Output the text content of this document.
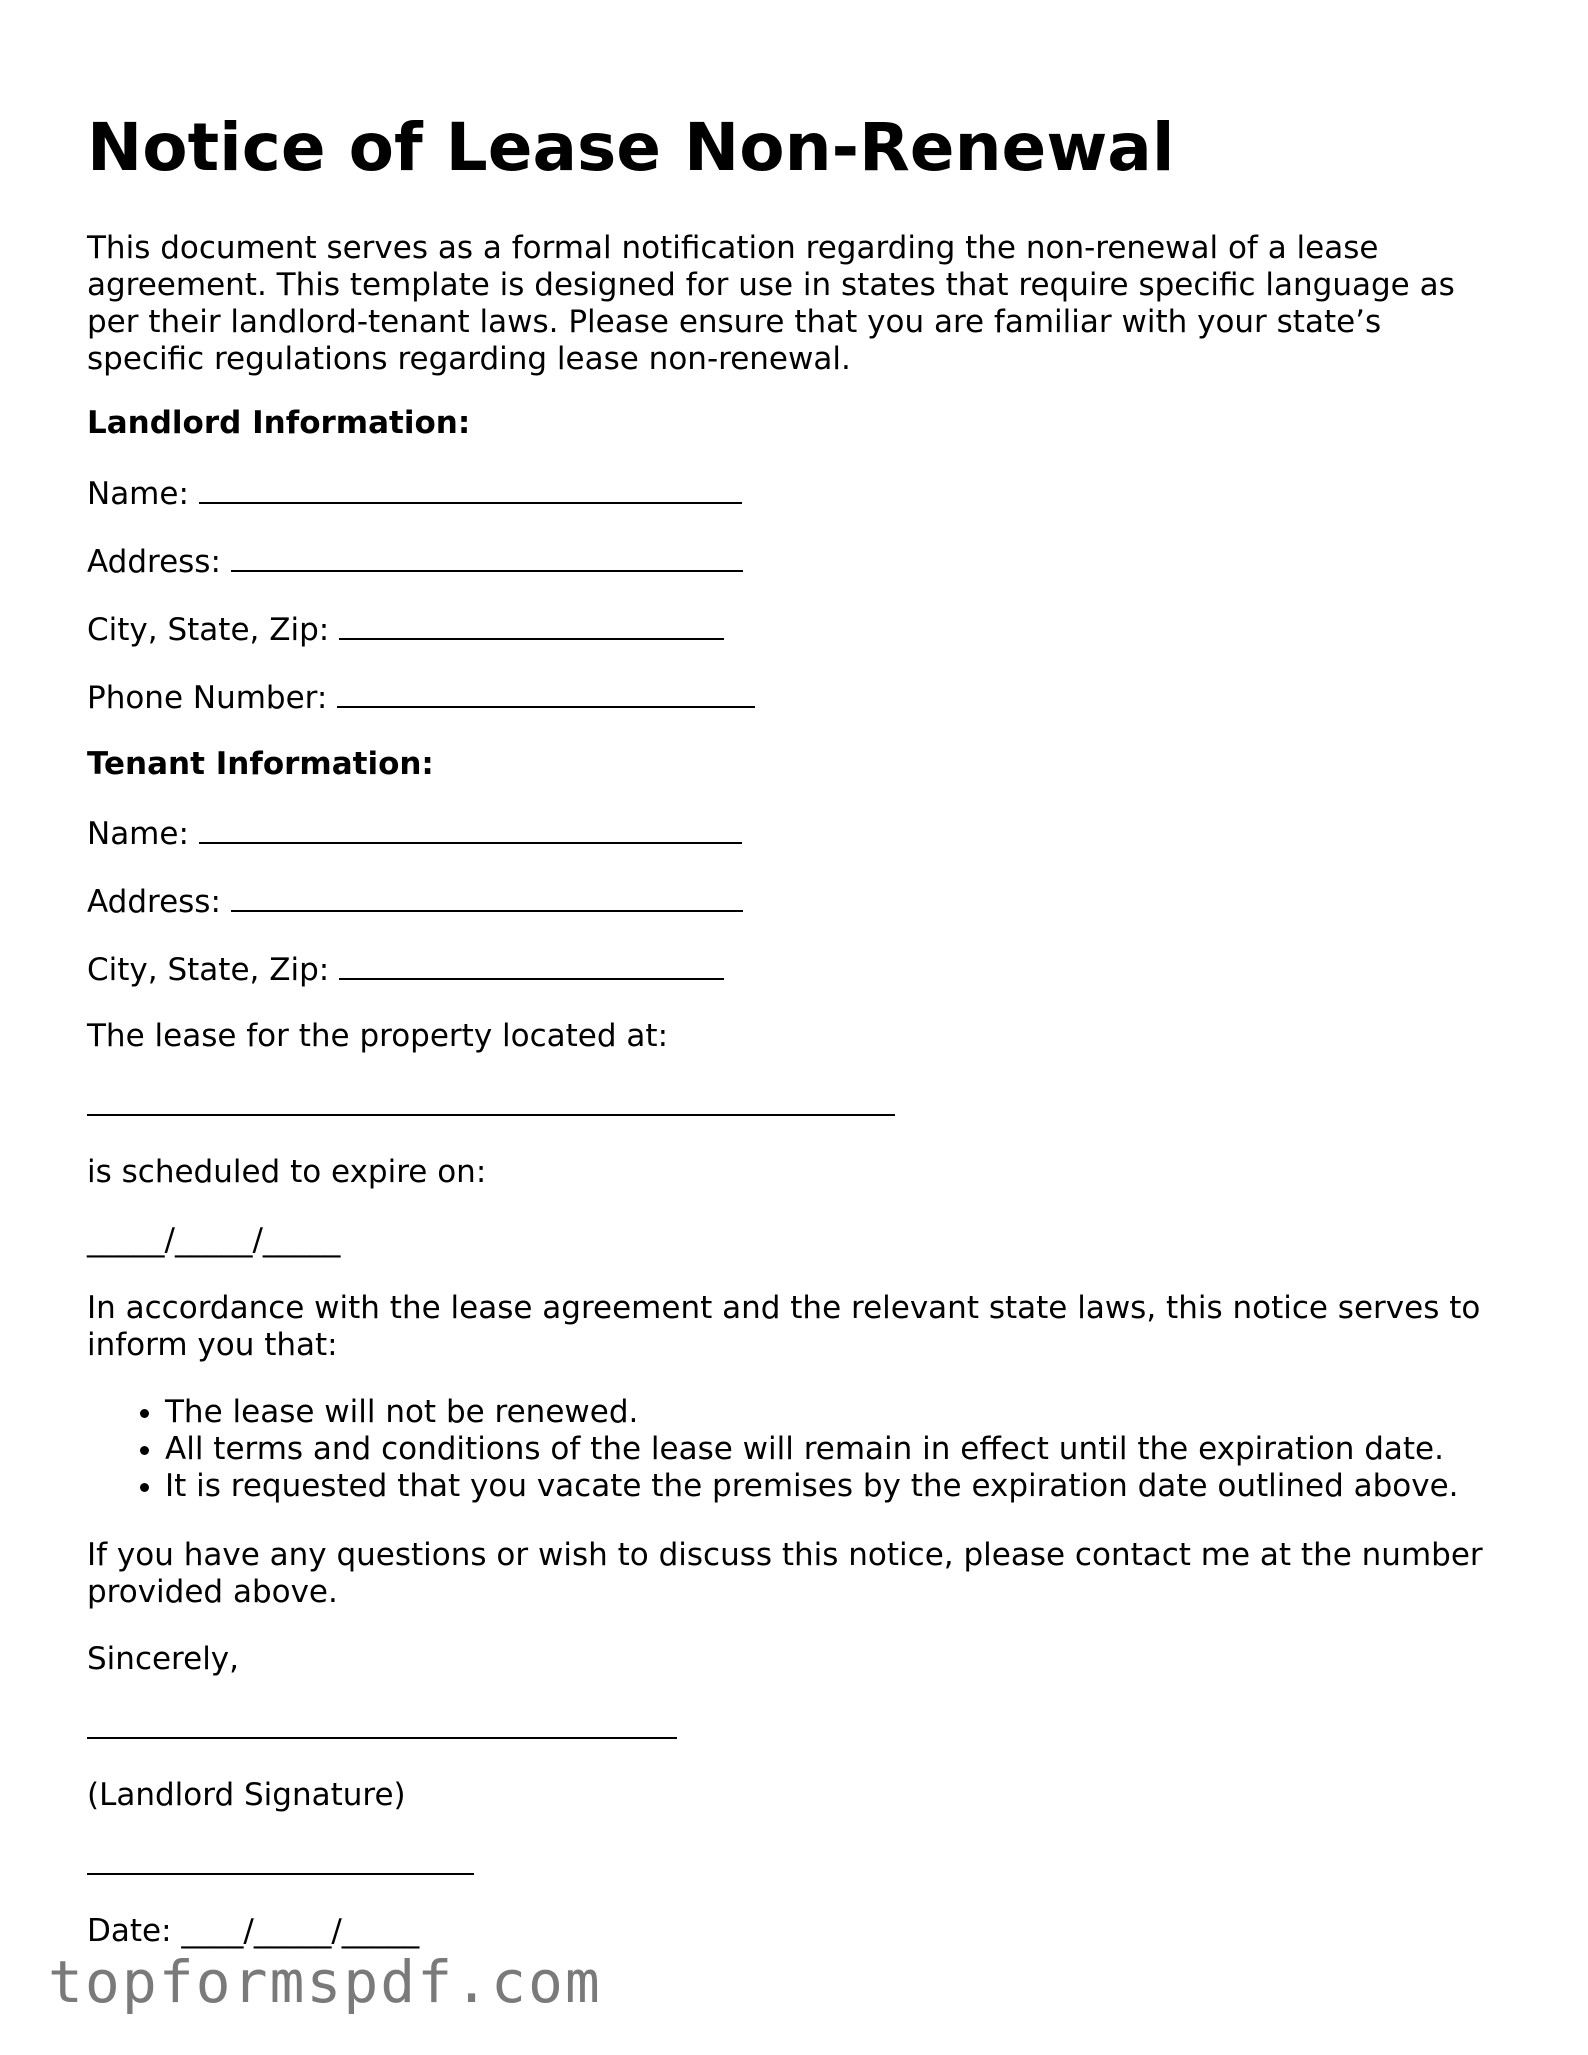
Notice of Lease Non-Renewal

This document serves as a formal notification regarding the non-renewal of a lease agreement. This template is designed for use in states that require specific language as per their landlord-tenant laws. Please ensure that you are familiar with your state’s specific regulations regarding lease non-renewal.

Landlord Information:
Name:
Address:
City, State, Zip:
Phone Number:
Tenant Information:
Name:
Address:
City, State, Zip:
The lease for the property located at:
is scheduled to expire on:
_____/_____/_____

In accordance with the lease agreement and the relevant state laws, this notice serves to inform you that:

• The lease will not be renewed.
• All terms and conditions of the lease will remain in effect until the expiration date.
• It is requested that you vacate the premises by the expiration date outlined above.

If you have any questions or wish to discuss this notice, please contact me at the number provided above.

Sincerely,
(Landlord Signature)
Date: ____/_____/_____
topformspdf.com
